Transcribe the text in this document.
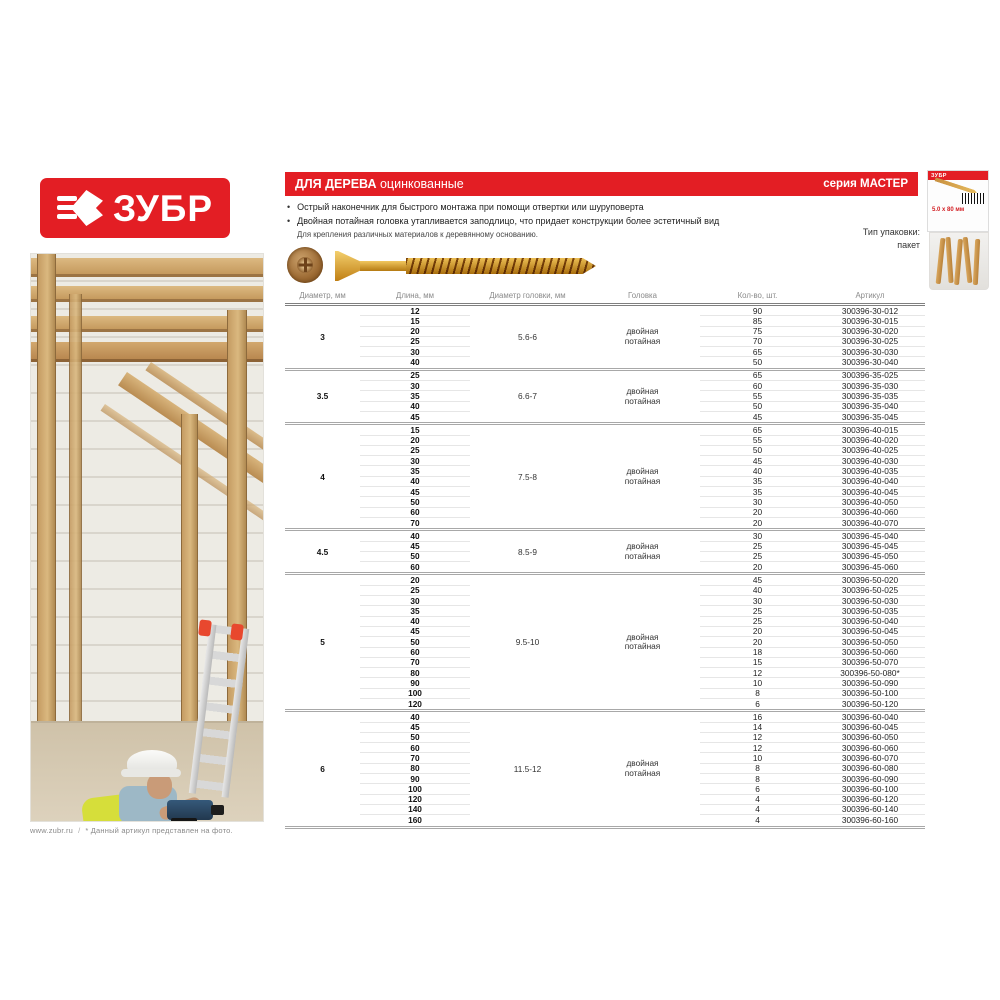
ЗУБР
www.zubr.ru / * Данный артикул представлен на фото.
ДЛЯ ДЕРЕВА оцинкованные	серия МАСТЕР
• Острый наконечник для быстрого монтажа при помощи отвертки или шуруповерта
• Двойная потайная головка утапливается заподлицо, что придает конструкции более эстетичный вид
Для крепления различных материалов к деревянному основанию.	Тип упаковки:
пакет
ЗУБР
5.0 х 80 мм
Диаметр, мм	Длина, мм	Диаметр головки, мм	Головка	Кол-во, шт.	Артикул
3	5.6-6
двойная
потайная
12	90	300396-30-012
15	85	300396-30-015
20	75	300396-30-020
25	70	300396-30-025
30	65	300396-30-030
40	50	300396-30-040
3.5	6.6-7
двойная
потайная
25	65	300396-35-025
30	60	300396-35-030
35	55	300396-35-035
40	50	300396-35-040
45	45	300396-35-045
4	7.5-8
двойная
потайная
15	65	300396-40-015
20	55	300396-40-020
25	50	300396-40-025
30	45	300396-40-030
35	40	300396-40-035
40	35	300396-40-040
45	35	300396-40-045
50	30	300396-40-050
60	20	300396-40-060
70	20	300396-40-070
4.5	8.5-9
двойная
потайная
40	30	300396-45-040
45	25	300396-45-045
50	25	300396-45-050
60	20	300396-45-060
5	9.5-10
двойная
потайная
20	45	300396-50-020
25	40	300396-50-025
30	30	300396-50-030
35	25	300396-50-035
40	25	300396-50-040
45	20	300396-50-045
50	20	300396-50-050
60	18	300396-50-060
70	15	300396-50-070
80	12	300396-50-080*
90	10	300396-50-090
100	8	300396-50-100
120	6	300396-50-120
6	11.5-12
двойная
потайная
40	16	300396-60-040
45	14	300396-60-045
50	12	300396-60-050
60	12	300396-60-060
70	10	300396-60-070
80	8	300396-60-080
90	8	300396-60-090
100	6	300396-60-100
120	4	300396-60-120
140	4	300396-60-140
160	4	300396-60-160
